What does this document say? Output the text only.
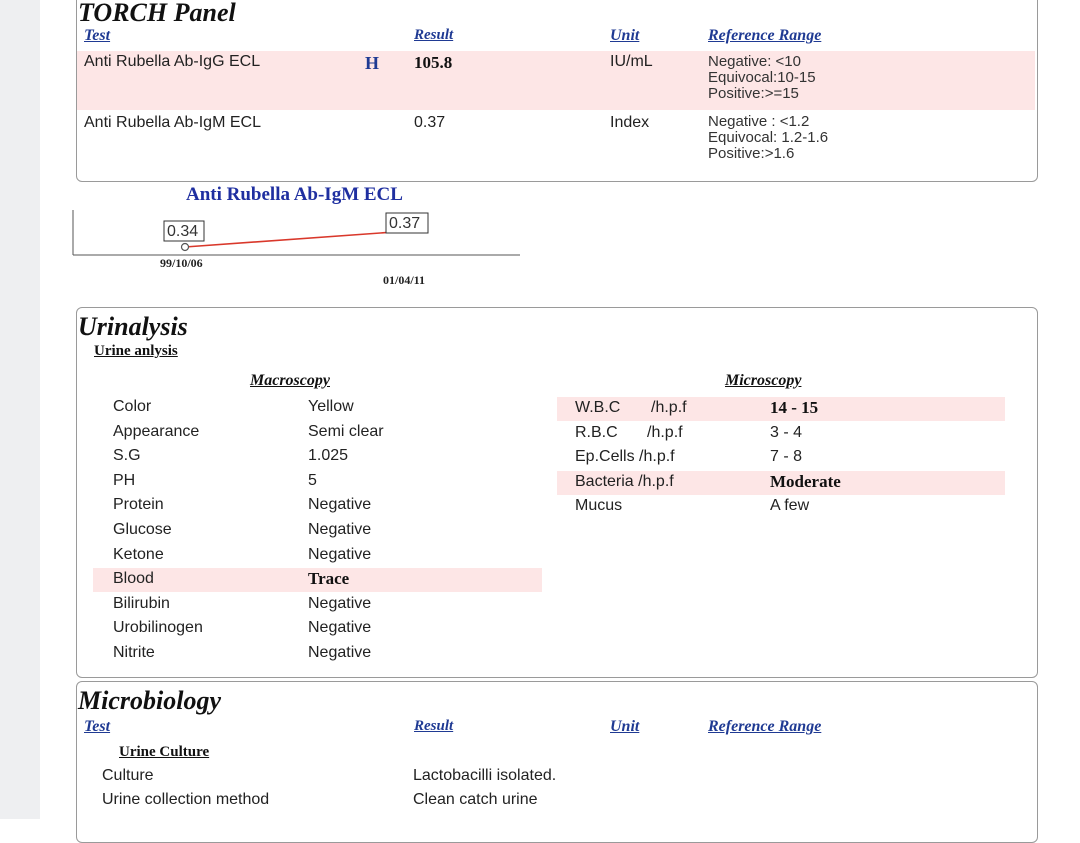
TORCH Panel
Test	Result	Unit	Reference Range
Anti Rubella Ab-IgG ECL	H 105.8	IU/mL	Negative: <10
Equivocal:10-15
Positive:>=15
Anti Rubella Ab-IgM ECL	0.37	Index	Negative : <1.2
Equivocal: 1.2-1.6
Positive:>1.6
Anti Rubella Ab-IgM ECL
0.34	0.37
99/10/06
01/04/11
Urinalysis
Urine anlysis
Macroscopy	Microscopy
Color	Yellow
Appearance	Semi clear
S.G	1.025
PH	5
Protein	Negative
Glucose	Negative
Ketone	Negative
Blood	Trace
Bilirubin	Negative
Urobilinogen	Negative
Nitrite	Negative
W.B.C /h.p.f	14 - 15
R.B.C /h.p.f	3 - 4
Ep.Cells /h.p.f	7 - 8
Bacteria /h.p.f	Moderate
Mucus	A few
Microbiology
Test	Result	Unit	Reference Range
Urine Culture
Culture	Lactobacilli isolated.
Urine collection method	Clean catch urine
